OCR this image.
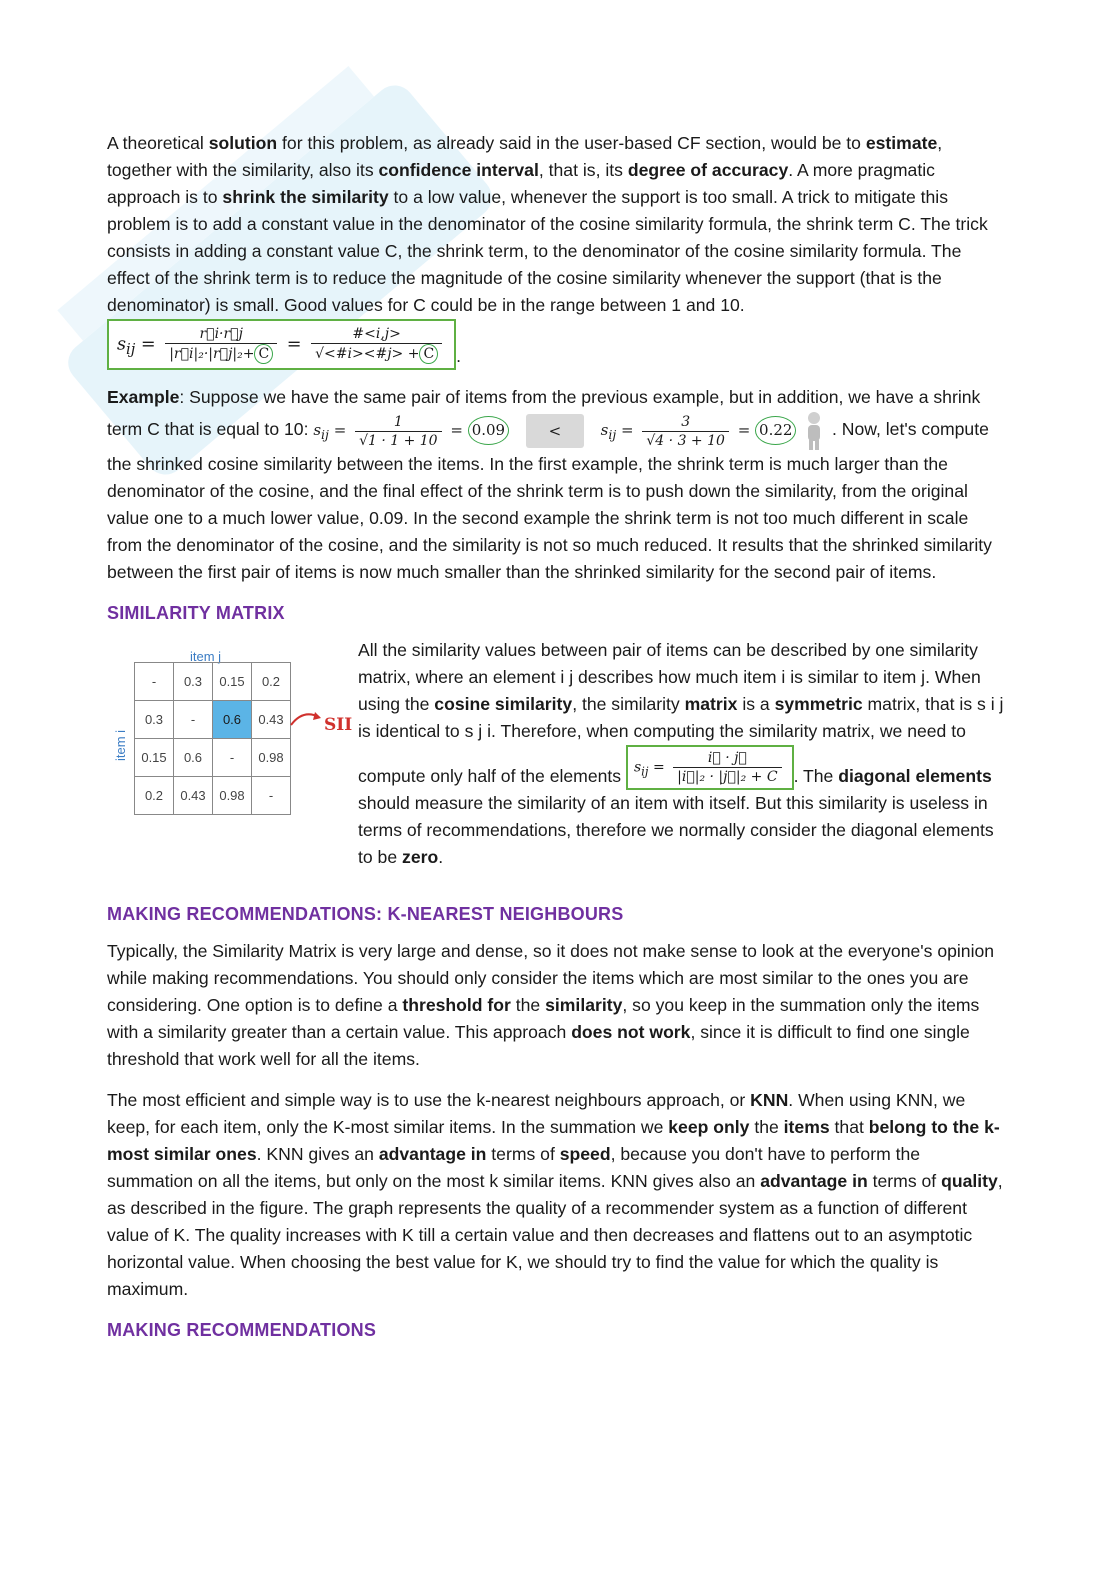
A theoretical solution for this problem, as already said in the user-based CF section, would be to estimate, together with the similarity, also its confidence interval, that is, its degree of accuracy. A more pragmatic approach is to shrink the similarity to a low value, whenever the support is too small. A trick to mitigate this problem is to add a constant value in the denominator of the cosine similarity formula, the shrink term C. The trick consists in adding a constant value C, the shrink term, to the denominator of the cosine similarity formula. The effect of the shrink term is to reduce the magnitude of the cosine similarity whenever the support (that is the denominator) is small. Good values for C could be in the range between 1 and 10. $s_{ij} = \frac{r⃗i\cdot r⃗j}{\text{|r⃗i|₂·|r⃗j|₂+ C}} = \frac{\#<i,j>}{√<\#i><\#j> + C}$ .

Example: Suppose we have the same pair of items from the previous example, but in addition, we have a shrink term C that is equal to 10: $s_{ij} = \frac{1}{√1 \cdot 1 + 10} = 0.09$	<	$s_{ij} = \frac{3}{√4 \cdot 3 + 10} = 0.22$ . Now, let's compute the shrinked cosine similarity between the items. In the first example, the shrink term is much larger than the denominator of the cosine, and the final effect of the shrink term is to push down the similarity, from the original value one to a much lower value, 0.09. In the second example the shrink term is not too much different in scale from the denominator of the cosine, and the similarity is not so much reduced. It results that the shrinked similarity between the first pair of items is now much smaller than the shrinked similarity for the second pair of items.

SIMILARITY MATRIX
item j
item i
-	0.3	0.15	0.2
0.3	-	0.6	0.43
0.15	0.6	-	0.98
0.2	0.43	0.98	-
SII
All the similarity values between pair of items can be described by one similarity matrix, where an element i j describes how much item i is similar to item j. When using the cosine similarity, the similarity matrix is a symmetric matrix, that is s i j is identical to s j i. Therefore, when computing the similarity matrix, we need to compute only half of the elements $s_{ij} = \frac{i⃗ \cdot j⃗}{\text{|i⃗|₂ · |j⃗|₂ + C}}$ . The diagonal elements should measure the similarity of an item with itself. But this similarity is useless in terms of recommendations, therefore we normally consider the diagonal elements to be zero.
MAKING RECOMMENDATIONS: K-NEAREST NEIGHBOURS

Typically, the Similarity Matrix is very large and dense, so it does not make sense to look at the everyone's opinion while making recommendations. You should only consider the items which are most similar to the ones you are considering. One option is to define a threshold for the similarity, so you keep in the summation only the items with a similarity greater than a certain value. This approach does not work, since it is difficult to find one single threshold that work well for all the items.

The most efficient and simple way is to use the k-nearest neighbours approach, or KNN. When using KNN, we keep, for each item, only the K-most similar items. In the summation we keep only the items that belong to the k-most similar ones. KNN gives an advantage in terms of speed, because you don't have to perform the summation on all the items, but only on the most k similar items. KNN gives also an advantage in terms of quality, as described in the figure. The graph represents the quality of a recommender system as a function of different value of K. The quality increases with K till a certain value and then decreases and flattens out to an asymptotic horizontal value. When choosing the best value for K, we should try to find the value for which the quality is maximum.

MAKING RECOMMENDATIONS
